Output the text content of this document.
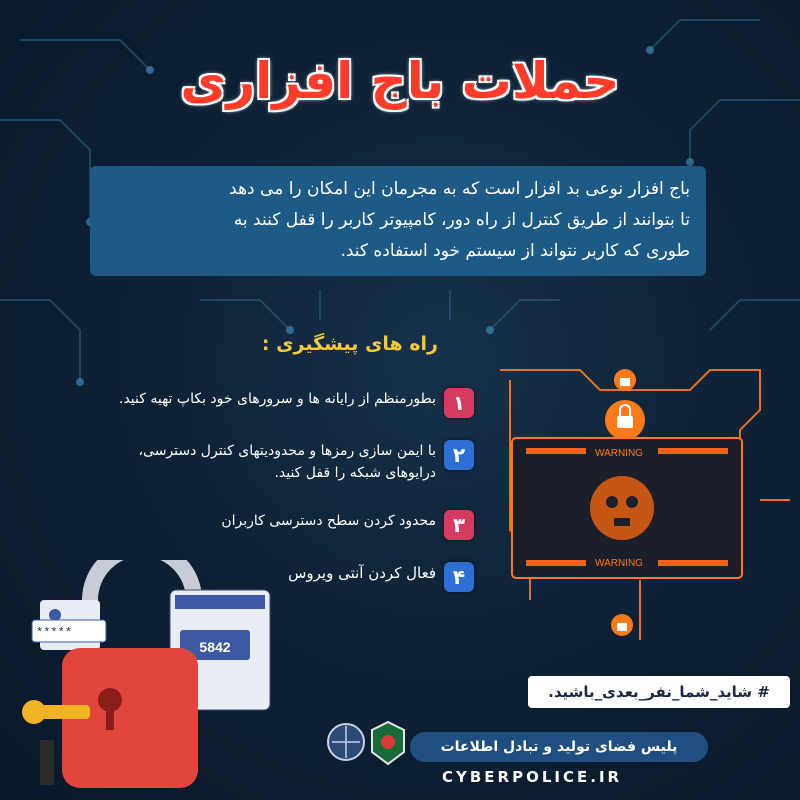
حملات باج افزاری
باج افزار نوعی بد افزار است که به مجرمان این امکان را می دهد
تا بتوانند از طریق کنترل از راه دور، کامپیوتر کاربر را قفل کنند به
طوری که کاربر نتواند از سیستم خود استفاده کند.
WARNING
WARNING
راه های پیشگیری :
۱
بطورمنظم از رایانه ها و سرورهای خود بکاپ تهیه کنید.
۲
با ایمن سازی رمزها و محدودیتهای کنترل دسترسی،
درایوهای شبکه را قفل کنید.
۳
محدود کردن سطح دسترسی کاربران
۴
فعال کردن آنتی ویروس
5842
*****
# شاید_شما_نفر_بعدی_باشید.
پلیس فضای تولید و تبادل اطلاعات
CYBERPOLICE.IR
